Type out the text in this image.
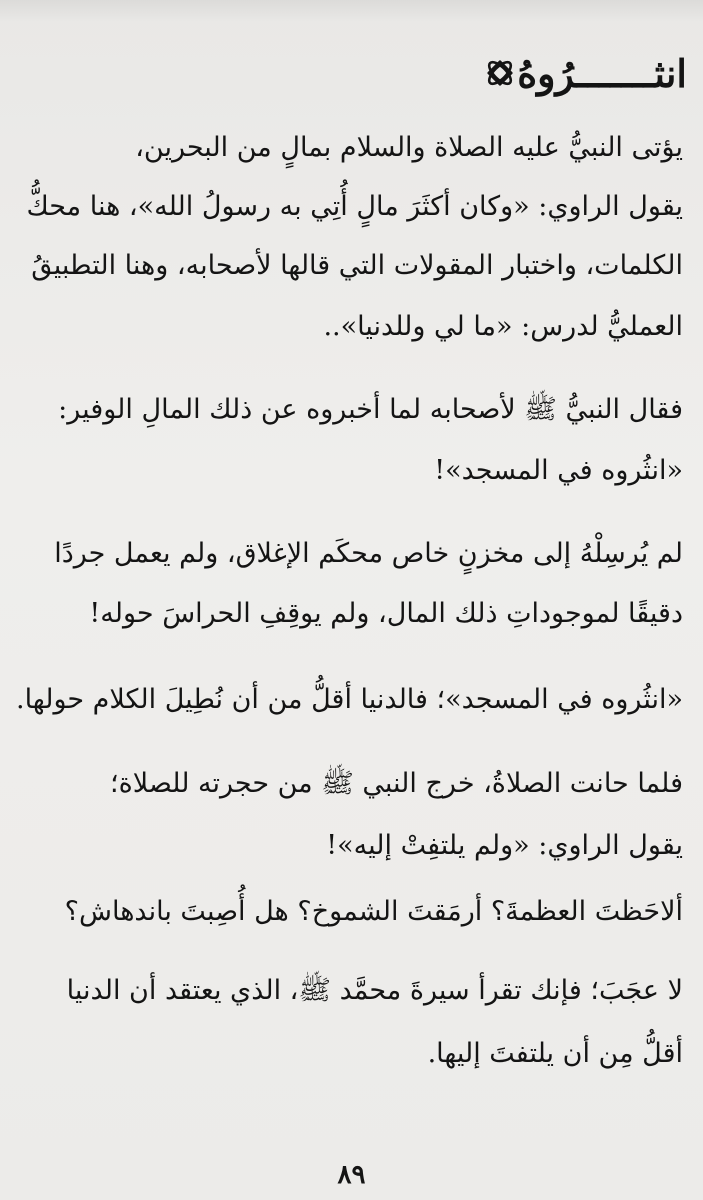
انثـــــــرُوهُ
يؤتى النبيُّ عليه الصلاة والسلام بمالٍ من البحرين،
يقول الراوي: «وكان أكثَرَ مالٍ أُتِي به رسولُ الله»، هنا محكُّ
الكلمات، واختبار المقولات التي قالها لأصحابه، وهنا التطبيقُ
العمليُّ لدرس: «ما لي وللدنيا»..
فقال النبيُّ ﷺ لأصحابه لما أخبروه عن ذلك المالِ الوفير:
«انثُروه في المسجد»!
لم يُرسِلْهُ إلى مخزنٍ خاص محكَم الإغلاق، ولم يعمل جردًا
دقيقًا لموجوداتِ ذلك المال، ولم يوقِفِ الحراسَ حوله!
«انثُروه في المسجد»؛ فالدنيا أقلُّ من أن نُطِيلَ الكلام حولها.
فلما حانت الصلاةُ، خرج النبي ﷺ من حجرته للصلاة؛
يقول الراوي: «ولم يلتفِتْ إليه»!
ألاحَظتَ العظمةَ؟ أرمَقتَ الشموخ؟ هل أُصِبتَ باندهاش؟
لا عجَبَ؛ فإنك تقرأ سيرةَ محمَّد ﷺ، الذي يعتقد أن الدنيا
أقلُّ مِن أن يلتفتَ إليها.
٨٩
